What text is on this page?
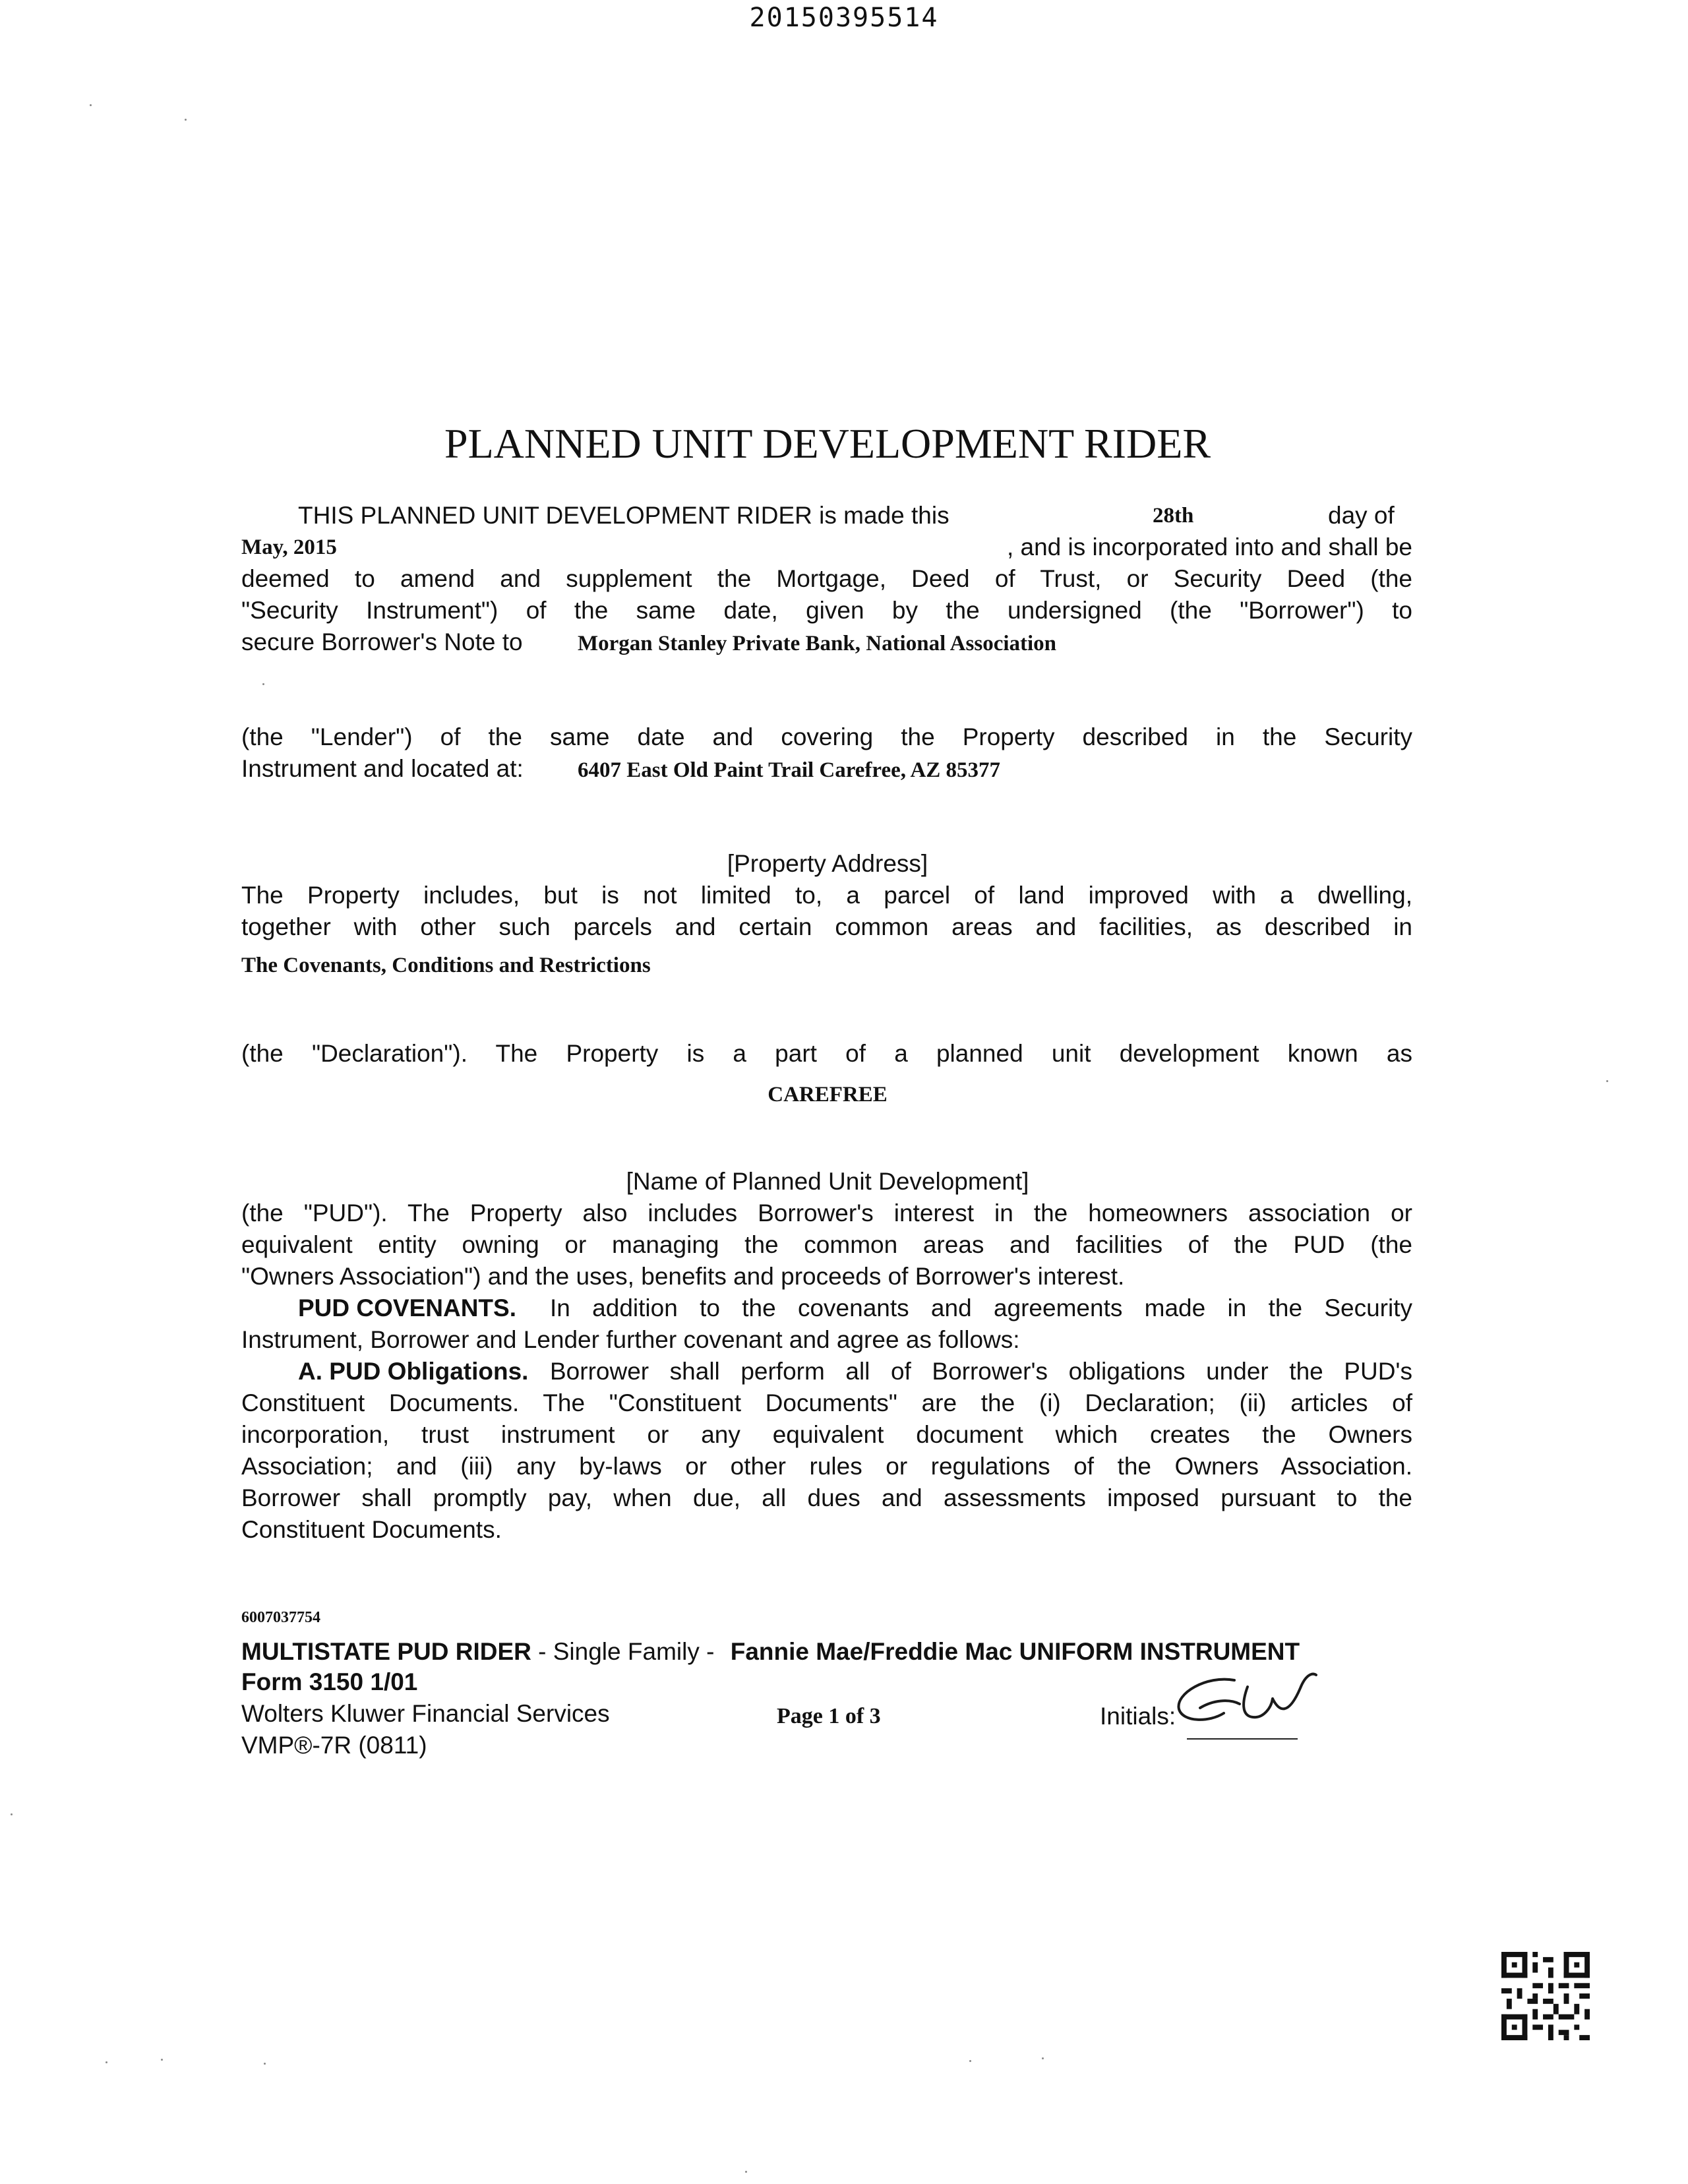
20150395514
PLANNED UNIT DEVELOPMENT RIDER
THIS PLANNED UNIT DEVELOPMENT RIDER is made this	28th	day of
May, 2015	, and is incorporated into and shall be
deemed to amend and supplement the Mortgage, Deed of Trust, or Security Deed (the
"Security Instrument") of the same date, given by the undersigned (the "Borrower") to
secure Borrower's Note to	Morgan Stanley Private Bank, National Association
(the "Lender") of the same date and covering the Property described in the Security
Instrument and located at: 6407 East Old Paint Trail Carefree, AZ 85377
[Property Address]
The Property includes, but is not limited to, a parcel of land improved with a dwelling,
together with other such parcels and certain common areas and facilities, as described in
The Covenants, Conditions and Restrictions
(the "Declaration"). The Property is a part of a planned unit development known as
CAREFREE
[Name of Planned Unit Development]
(the "PUD"). The Property also includes Borrower's interest in the homeowners association or
equivalent entity owning or managing the common areas and facilities of the PUD (the
"Owners Association") and the uses, benefits and proceeds of Borrower's interest.
PUD COVENANTS. In addition to the covenants and agreements made in the Security
Instrument, Borrower and Lender further covenant and agree as follows:
A. PUD Obligations. Borrower shall perform all of Borrower's obligations under the PUD's
Constituent Documents. The "Constituent Documents" are the (i) Declaration; (ii) articles of
incorporation, trust instrument or any equivalent document which creates the Owners
Association; and (iii) any by-laws or other rules or regulations of the Owners Association.
Borrower shall promptly pay, when due, all dues and assessments imposed pursuant to the
Constituent Documents.
6007037754
MULTISTATE PUD RIDER - Single Family - Fannie Mae/Freddie Mac UNIFORM INSTRUMENT
Form 3150 1/01
Wolters Kluwer Financial Services	Page 1 of 3	Initials:
VMP®-7R (0811)
